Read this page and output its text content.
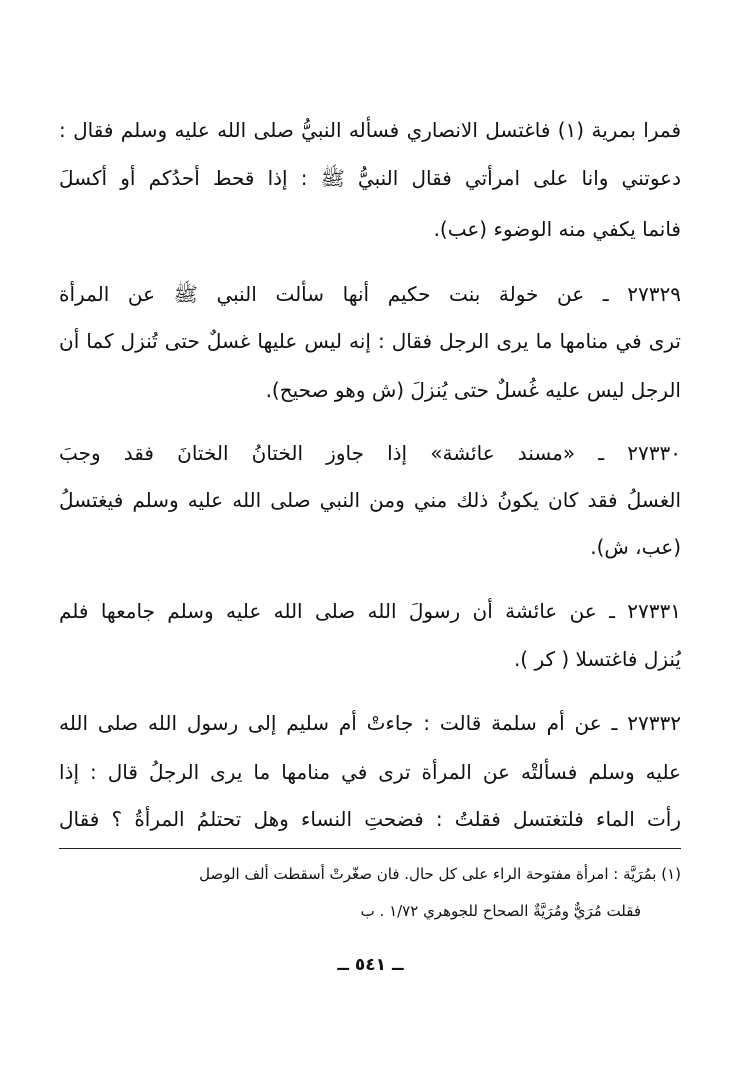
فمرا بمرية (١) فاغتسل الانصاري فسأله النبيُّ صلى الله عليه وسلم فقال :
دعوتني وانا على امرأتي فقال النبيُّ ﷺ : إذا قحط أحدُكم أو أكسلَ
فانما يكفي منه الوضوء (عب).
٢٧٣٢٩ ـ عن خولة بنت حكيم أنها سألت النبي ﷺ عن المرأة
ترى في منامها ما يرى الرجل فقال : إنه ليس عليها غسلٌ حتى تُنزل كما أن
الرجل ليس عليه غُسلٌ حتى يُنزلَ (ش وهو صحيح).
٢٧٣٣٠ ـ «مسند عائشة» إذا جاوز الختانُ الختانَ فقد وجبَ
الغسلُ فقد كان يكونُ ذلك مني ومن النبي صلى الله عليه وسلم فيغتسلُ
(عب، ش).
٢٧٣٣١ ـ عن عائشة أن رسولَ الله صلى الله عليه وسلم جامعها فلم
يُنزل فاغتسلا ( كر ).
٢٧٣٣٢ ـ عن أم سلمة قالت : جاءتْ أم سليم إلى رسول الله صلى الله
عليه وسلم فسألتْه عن المرأة ترى في منامها ما يرى الرجلُ قال : إذا
رأت الماء فلتغتسل فقلتُ : فضحتِ النساء وهل تحتلمُ المرأةُ ؟ فقال
(١) بمُرَيَّة : امرأة مفتوحة الراء على كل حال. فان صغّرتْ أسقطت ألف الوصل
فقلت مُرَيٌّ ومُرَيَّةٌ الصحاح للجوهري ١/٧٢ . ب
ــ ٥٤١ ــ
